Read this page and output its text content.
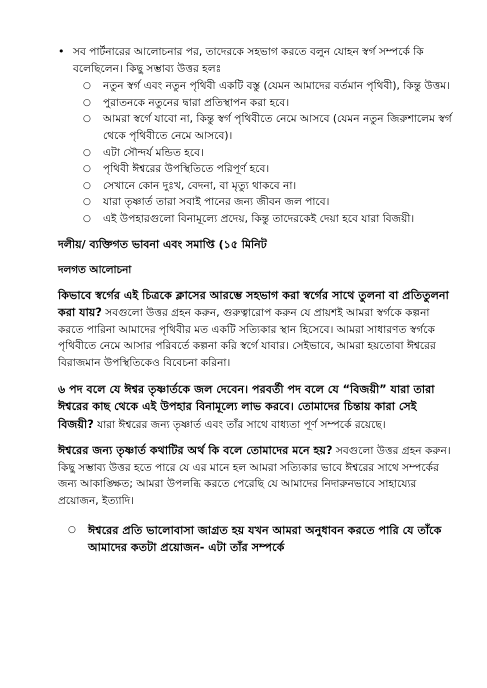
• সব পার্টনারের আলোচনার পর, তাদেরকে সহভাগ করতে বলুন যোহন স্বর্গ সম্পর্কে কি বলেছিলেন। কিছু সম্ভাব্য উত্তর হলঃ
○ নতুন স্বর্গ এবং নতুন পৃথিবী একটি বস্তু (যেমন আমাদের বর্তমান পৃথিবী), কিন্তু উত্তম।
○ পুরাতনকে নতুনের দ্বারা প্রতিস্থাপন করা হবে।
○ আমরা স্বর্গে যাবো না, কিন্তু স্বর্গ পৃথিবীতে নেমে আসবে (যেমন নতুন জিরুশালেম স্বর্গ থেকে পৃথিবীতে নেমে আসবে)।
○ এটা সৌন্দর্য মন্ডিত হবে।
○ পৃথিবী ঈশ্বরের উপস্থিতিতে পরিপূর্ণ হবে।
○ সেখানে কোন দুঃখ, বেদনা, বা মৃত্যু থাকবে না।
○ যারা তৃষ্ণার্ত তারা সবাই পানের জন্য জীবন জল পাবে।
○ এই উপহারগুলো বিনামূল্যে প্রদেয়, কিন্তু তাদেরকেই দেয়া হবে যারা বিজয়ী।
দলীয়/ ব্যক্তিগত ভাবনা এবং সমাপ্তি (১৫ মিনিট
দলগত আলোচনা

কিভাবে স্বর্গের এই চিত্রকে ক্লাসের আরম্ভে সহভাগ করা স্বর্গের সাথে তুলনা বা প্রতিতুলনা করা যায়? সবগুলো উত্তর গ্রহন করুন, গুরুত্বারোপ করুন যে প্রায়শই আমরা স্বর্গকে কল্পনা করতে পারিনা আমাদের পৃথিবীর মত একটি সত্যিকার স্থান হিসেবে। আমরা সাধারণত স্বর্গকে পৃথিবীতে নেমে আসার পরিবর্তে কল্পনা করি স্বর্গে যাবার। সেইভাবে, আমরা হয়তোবা ঈশ্বরের বিরাজমান উপস্থিতিকেও বিবেচনা করিনা।

৬ পদ বলে যে ঈশ্বর তৃষ্ণার্তকে জল দেবেন। পরবর্তী পদ বলে যে “বিজয়ী” যারা তারা ঈশ্বরের কাছ থেকে এই উপহার বিনামূল্যে লাভ করবে। তোমাদের চিন্তায় কারা সেই বিজয়ী? যারা ঈশ্বরের জন্য তৃষ্ণার্ত এবং তাঁর সাথে বাধ্যতা পূর্ণ সম্পর্কে রয়েছে।

ঈশ্বরের জন্য তৃষ্ণার্ত কথাটির অর্থ কি বলে তোমাদের মনে হয়? সবগুলো উত্তর গ্রহন করুন। কিছু সম্ভাব্য উত্তর হতে পারে যে এর মানে হল আমরা সত্যিকার ভাবে ঈশ্বরের সাথে সম্পর্কের জন্য আকাঙ্ক্ষিত; আমরা উপলব্ধি করতে পেরেছি যে আমাদের নিদারুনভাবে সাহায্যের প্রয়োজন, ইত্যাদি।

○ ঈশ্বরের প্রতি ভালোবাসা জাগ্রত হয় যখন আমরা অনুধাবন করতে পারি যে তাঁকে আমাদের কতটা প্রয়োজন- এটা তাঁর সম্পর্কে
